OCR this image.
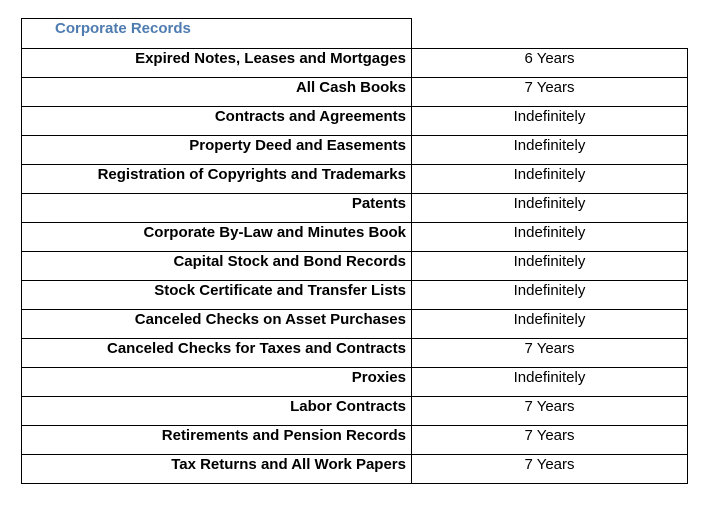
Corporate Records	
Expired Notes, Leases and Mortgages	6 Years
All Cash Books	7 Years
Contracts and Agreements	Indefinitely
Property Deed and Easements	Indefinitely
Registration of Copyrights and Trademarks	Indefinitely
Patents	Indefinitely
Corporate By-Law and Minutes Book	Indefinitely
Capital Stock and Bond Records	Indefinitely
Stock Certificate and Transfer Lists	Indefinitely
Canceled Checks on Asset Purchases	Indefinitely
Canceled Checks for Taxes and Contracts	7 Years
Proxies	Indefinitely
Labor Contracts	7 Years
Retirements and Pension Records	7 Years
Tax Returns and All Work Papers	7 Years
